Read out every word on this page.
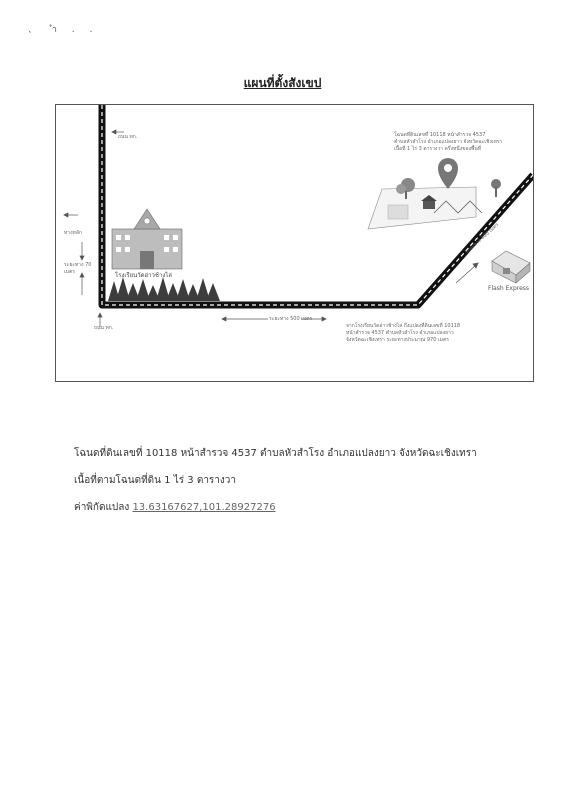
、 ำ . .
แผนที่ตั้งสังเขป
ถนน ทก.
ทางหลัก
ระยะทาง 70 เมตร
ถนน ทก.
ระยะทาง 500 เมตร
ระยะทาง 400 เมตร
โฉนดที่ดินเลขที่ 10118 หน้าสำรวจ 4537
ตำบลหัวสำโรง อำเภอแปลงยาว จังหวัดฉะเชิงเทรา
เนื้อที่ 1 ไร่ 3 ตารางวา ครึ่งหนึ่งของพื้นที่
โรงเรียนวัดอ่าวช้างไล่
Flash Express
จากโรงเรียนวัดอ่าวช้างไล่ ถึงแปลงที่ดินเลขที่ 10118
หน้าสำรวจ 4537 ตำบลหัวสำโรง อำเภอแปลงยาว
จังหวัดฉะเชิงเทรา ระยะทางประมาณ 970 เมตร
โฉนดที่ดินเลขที่ 10118 หน้าสำรวจ 4537 ตำบลหัวสำโรง อำเภอแปลงยาว จังหวัดฉะเชิงเทรา
เนื้อที่ตามโฉนดที่ดิน 1 ไร่ 3 ตารางวา
ค่าพิกัดแปลง 13.63167627,101.28927276
